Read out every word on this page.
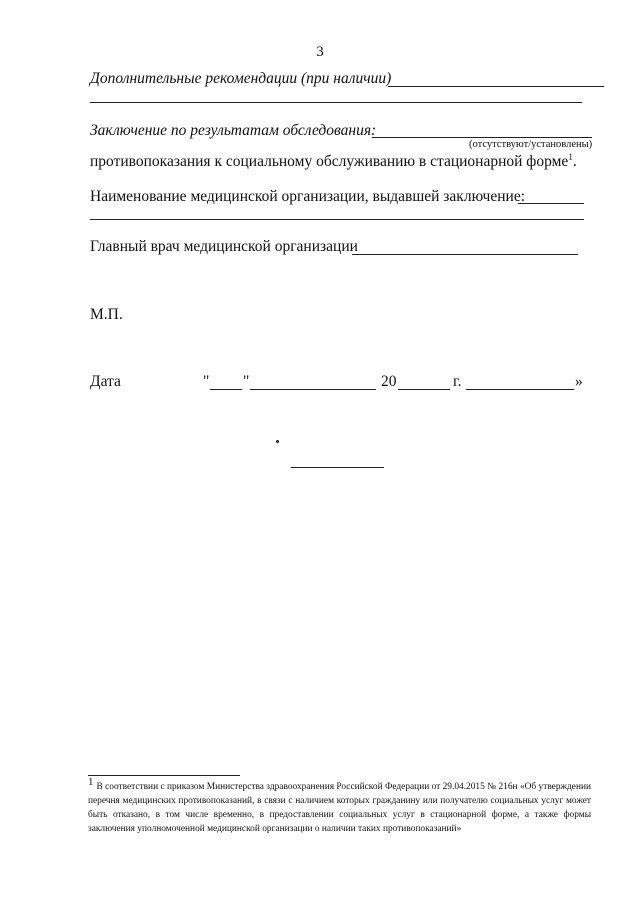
3
Дополнительные рекомендации (при наличии)
Заключение по результатам обследования:
(отсутствуют/установлены)
противопоказания к социальному обслуживанию в стационарной форме$^1$.
Наименование медицинской организации, выдавшей заключение:
Главный врач медицинской организации
М.П.
Дата	" "	20	г.	»
1 В соответствии с приказом Министерства здравоохранения Российской Федерации от 29.04.2015 № 216н «Об утверждении перечня медицинских противопоказаний, в связи с наличием которых гражданину или получателю социальных услуг может быть отказано, в том числе временно, в предоставлении социальных услуг в стационарной форме, а также формы заключения уполномоченной медицинской организации о наличии таких противопоказаний»
